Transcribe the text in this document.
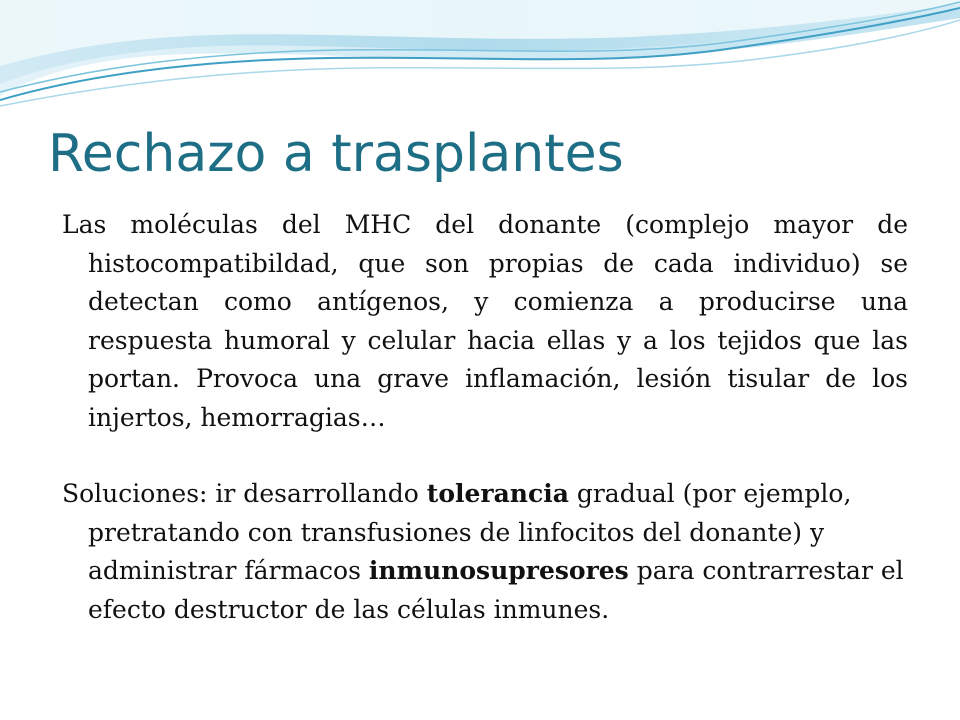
Rechazo a trasplantes

Las moléculas del MHC del donante (complejo mayor de histocompatibildad, que son propias de cada individuo) se detectan como antígenos, y comienza a producirse una respuesta humoral y celular hacia ellas y a los tejidos que las portan. Provoca una grave inflamación, lesión tisular de los injertos, hemorragias…

Soluciones: ir desarrollando tolerancia gradual (por ejemplo, pretratando con transfusiones de linfocitos del donante) y administrar fármacos inmunosupresores para contrarrestar el efecto destructor de las células inmunes.
